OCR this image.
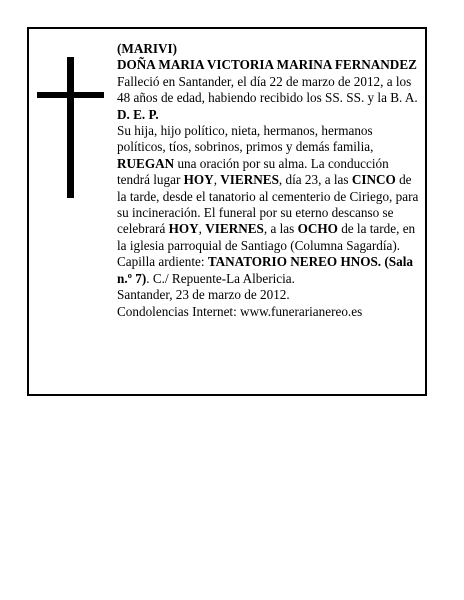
(MARIVI)

DOÑA MARIA VICTORIA MARINA FERNANDEZ

Falleció en Santander, el día 22 de marzo de 2012, a los 48 años de edad, habiendo recibido los SS. SS. y la B. A.

D. E. P.

Su hija, hijo político, nieta, hermanos, hermanos políticos, tíos, sobrinos, primos y demás familia, RUEGAN una oración por su alma. La conducción tendrá lugar HOY, VIERNES, día 23, a las CINCO de la tarde, desde el tanatorio al cementerio de Ciriego, para su incineración. El funeral por su eterno descanso se celebrará HOY, VIERNES, a las OCHO de la tarde, en la iglesia parroquial de Santiago (Columna Sagardía).

Capilla ardiente: TANATORIO NEREO HNOS. (Sala n.º 7). C./ Repuente-La Albericia.

Santander, 23 de marzo de 2012.

Condolencias Internet: www.funerarianereo.es
